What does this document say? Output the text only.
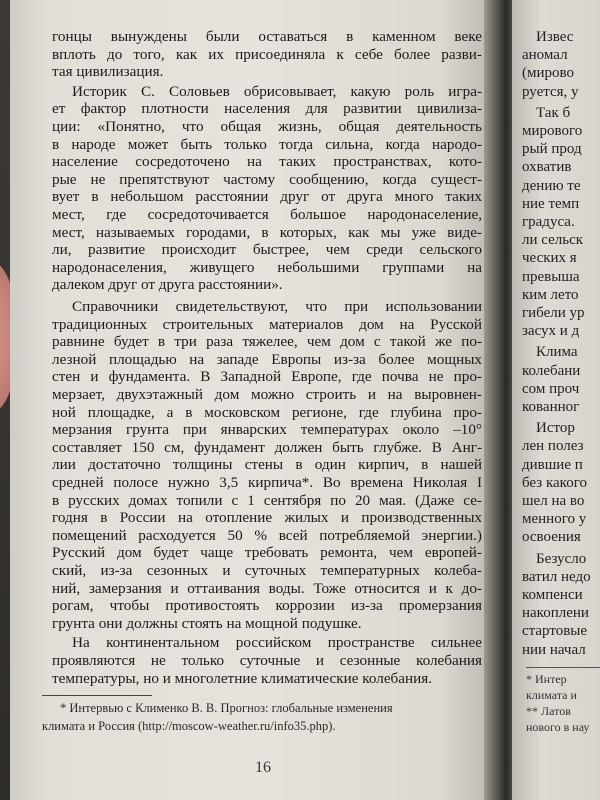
гонцы вынуждены были оставаться в каменном веке
вплоть до того, как их присоединяла к себе более разви-
тая цивилизация.
Историк С. Соловьев обрисовывает, какую роль игра-
ет фактор плотности населения для развитии цивилиза-
ции: «Понятно, что общая жизнь, общая деятельность
в народе может быть только тогда сильна, когда народо-
население сосредоточено на таких пространствах, кото-
рые не препятствуют частому сообщению, когда сущест-
вует в небольшом расстоянии друг от друга много таких
мест, где сосредоточивается большое народонаселение,
мест, называемых городами, в которых, как мы уже виде-
ли, развитие происходит быстрее, чем среди сельского
народонаселения, живущего небольшими группами на
далеком друг от друга расстоянии».
Справочники свидетельствуют, что при использовании
традиционных строительных материалов дом на Русской
равнине будет в три раза тяжелее, чем дом с такой же по-
лезной площадью на западе Европы из-за более мощных
стен и фундамента. В Западной Европе, где почва не про-
мерзает, двухэтажный дом можно строить и на выровнен-
ной площадке, а в московском регионе, где глубина про-
мерзания грунта при январских температурах около –10°
составляет 150 см, фундамент должен быть глубже. В Анг-
лии достаточно толщины стены в один кирпич, в нашей
средней полосе нужно 3,5 кирпича*. Во времена Николая I
в русских домах топили с 1 сентября по 20 мая. (Даже се-
годня в России на отопление жилых и производственных
помещений расходуется 50 % всей потребляемой энергии.)
Русский дом будет чаще требовать ремонта, чем европей-
ский, из-за сезонных и суточных температурных колеба-
ний, замерзания и оттаивания воды. Тоже относится и к до-
рогам, чтобы противостоять коррозии из-за промерзания
грунта они должны стоять на мощной подушке.
На континентальном российском пространстве сильнее
проявляются не только суточные и сезонные колебания
температуры, но и многолетние климатические колебания.
* Интервью с Клименко В. В. Прогноз: глобальные изменения
климата и Россия (http://moscow-weather.ru/info35.php).
16
Извес
аномал
(мирово
руется, у
Так б
мирового
рый прод
охватив
дению те
ние темп
градуса.
ли сельск
ческих я
превыша
ким лето
гибели ур
засух и д
Клима
колебани
сом проч
кованног
Истор
лен полез
дившие п
без какого
шел на во
менного у
освоения
Безусло
ватил недо
компенси
накоплени
стартовые
нии начал
* Интер
климата и
** Латов
нового в нау
